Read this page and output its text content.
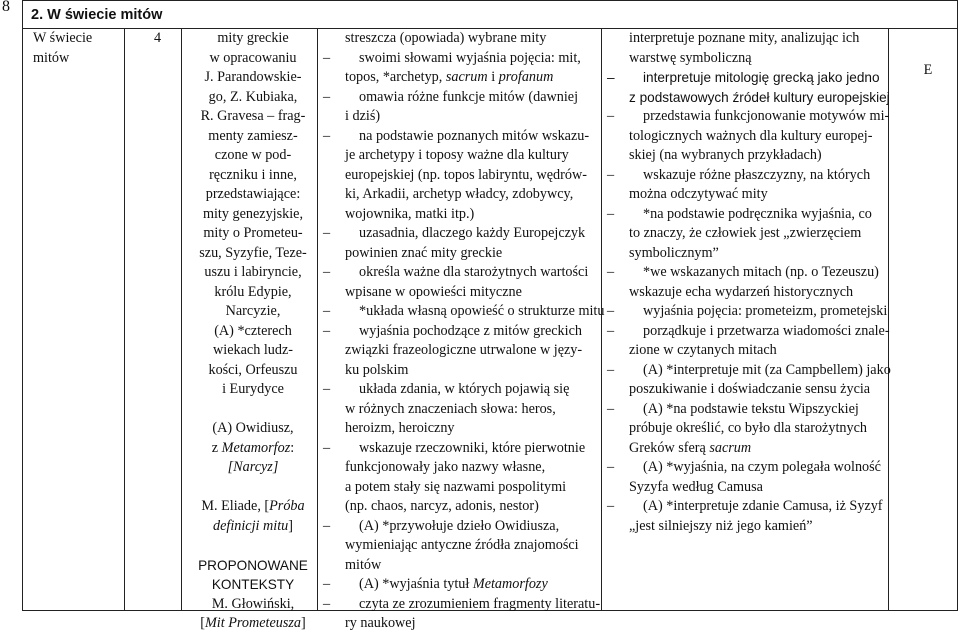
8 2. W świecie mitów
W świecie
mitów
4	mity greckie
w opracowaniu
J. Parandowskie-
go, Z. Kubiaka,
R. Gravesa – frag-
menty zamiesz-
czone w pod-
ręczniku i inne,
przedstawiające:
mity genezyjskie,
mity o Prometeu-
szu, Syzyfie, Teze-
uszu i labiryncie,
królu Edypie,
Narcyzie,
(A) *czterech
wiekach ludz-
kości, Orfeuszu
i Eurydyce
(A) Owidiusz,
z Metamorfoz:
[Narcyz]
M. Eliade, [Próba
definicji mitu]
PROPONOWANE
KONTEKSTY
M. Głowiński,
[Mit Prometeusza]
streszcza (opowiada) wybrane mity
– swoimi słowami wyjaśnia pojęcia: mit,
topos, *archetyp, sacrum i profanum
– omawia różne funkcje mitów (dawniej
i dziś)
– na podstawie poznanych mitów wskazu-
je archetypy i toposy ważne dla kultury
europejskiej (np. topos labiryntu, wędrów-
ki, Arkadii, archetyp władcy, zdobywcy,
wojownika, matki itp.)
– uzasadnia, dlaczego każdy Europejczyk
powinien znać mity greckie
– określa ważne dla starożytnych wartości
wpisane w opowieści mityczne
– *układa własną opowieść o strukturze mitu
– wyjaśnia pochodzące z mitów greckich
związki frazeologiczne utrwalone w języ-
ku polskim
– układa zdania, w których pojawią się
w różnych znaczeniach słowa: heros,
heroizm, heroiczny
– wskazuje rzeczowniki, które pierwotnie
funkcjonowały jako nazwy własne,
a potem stały się nazwami pospolitymi
(np. chaos, narcyz, adonis, nestor)
– (A) *przywołuje dzieło Owidiusza,
wymieniając antyczne źródła znajomości
mitów
– (A) *wyjaśnia tytuł Metamorfozy
– czyta ze zrozumieniem fragmenty literatu-
ry naukowej
interpretuje poznane mity, analizując ich
warstwę symboliczną
– interpretuje mitologię grecką jako jedno
z podstawowych źródeł kultury europejskiej
– przedstawia funkcjonowanie motywów mi-
tologicznych ważnych dla kultury europej-
skiej (na wybranych przykładach)
– wskazuje różne płaszczyzny, na których
można odczytywać mity
– *na podstawie podręcznika wyjaśnia, co
to znaczy, że człowiek jest „zwierzęciem
symbolicznym”
– *we wskazanych mitach (np. o Tezeuszu)
wskazuje echa wydarzeń historycznych
– wyjaśnia pojęcia: prometeizm, prometejski
– porządkuje i przetwarza wiadomości znale-
zione w czytanych mitach
– (A) *interpretuje mit (za Campbellem) jako
poszukiwanie i doświadczanie sensu życia
– (A) *na podstawie tekstu Wipszyckiej
próbuje określić, co było dla starożytnych
Greków sferą sacrum
– (A) *wyjaśnia, na czym polegała wolność
Syzyfa według Camusa
– (A) *interpretuje zdanie Camusa, iż Syzyf
„jest silniejszy niż jego kamień”
E
